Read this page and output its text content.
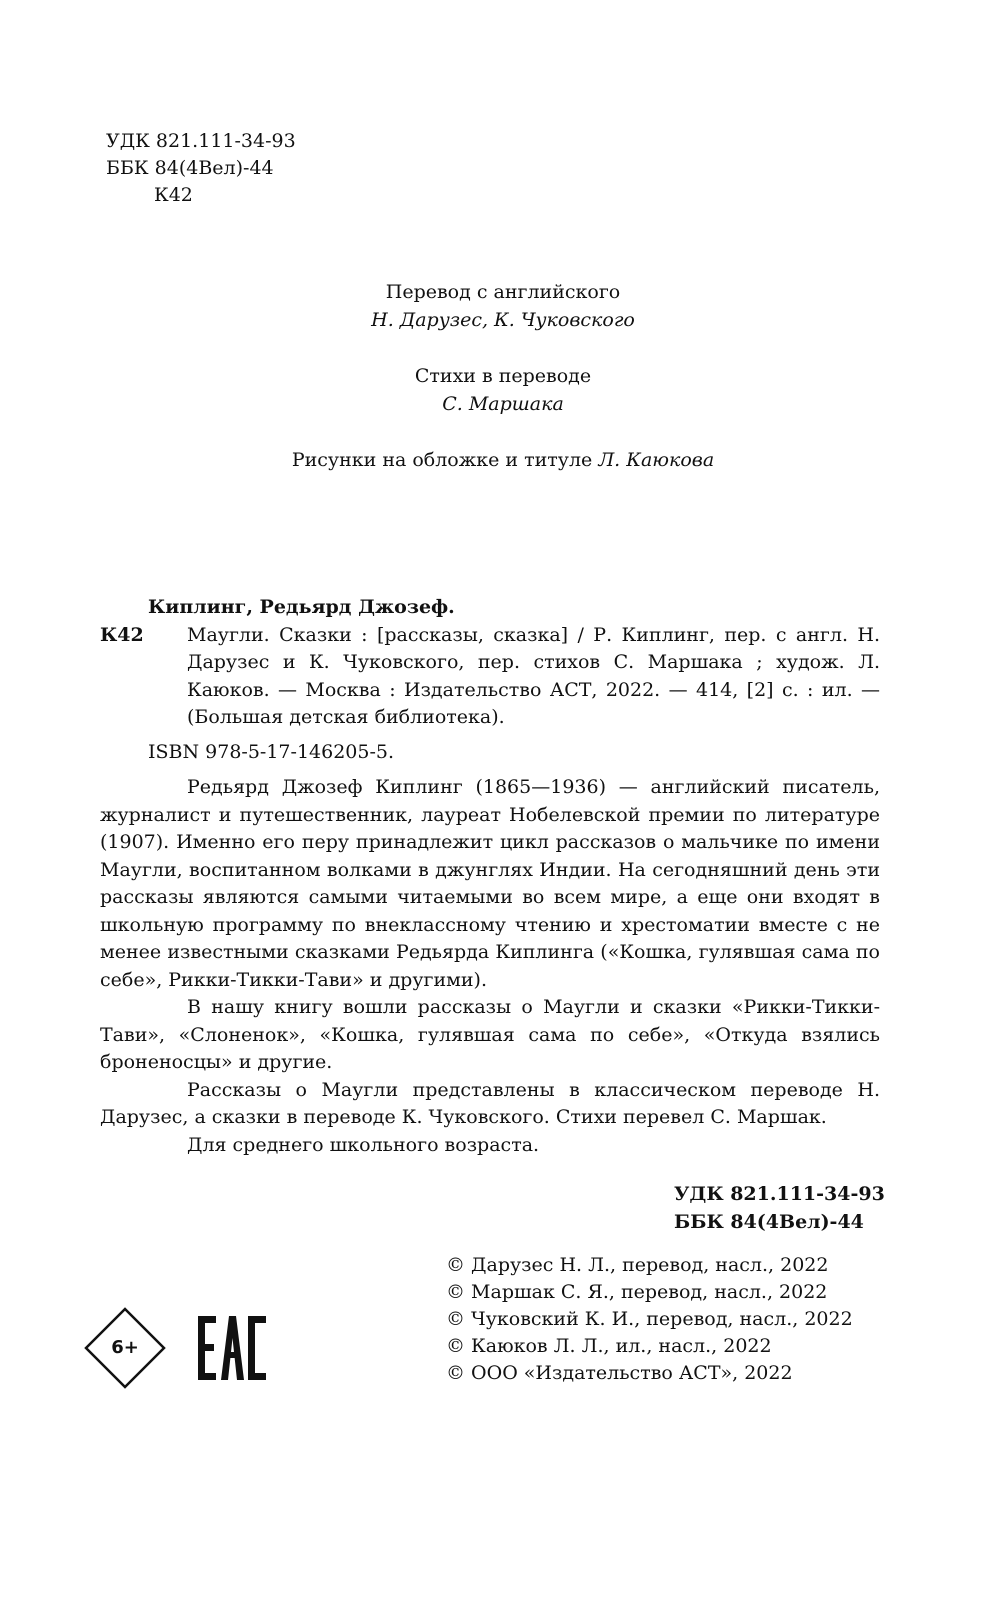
УДК 821.111-34-93
ББК 84(4Вел)-44
К42
Перевод с английского
Н. Дарузес, К. Чуковского
Стихи в переводе
С. Маршака
Рисунки на обложке и титуле Л. Каюкова
Киплинг, Редьярд Джозеф.
К42 Маугли. Сказки : [рассказы, сказка] / Р. Киплинг, пер. с англ. Н. Дарузес и К. Чуковского, пер. стихов С. Маршака ; худож. Л. Каюков. — Москва : Издательство АСТ, 2022. — 414, [2] с. : ил. — (Большая детская библиотека).
ISBN 978-5-17-146205-5.
Редьярд Джозеф Киплинг (1865—1936) — английский писатель, журналист и путешественник, лауреат Нобелевской премии по литературе (1907). Именно его перу принадлежит цикл рассказов о мальчике по имени Маугли, воспитанном волками в джунглях Индии. На сегодняшний день эти рассказы являются самыми читаемыми во всем мире, а еще они входят в школьную программу по внеклассному чтению и хрестоматии вместе с не менее известными сказками Редьярда Киплинга («Кошка, гулявшая сама по себе», Рикки-Тикки-Тави» и другими).
В нашу книгу вошли рассказы о Маугли и сказки «Рикки-Тикки-Тави», «Слоненок», «Кошка, гулявшая сама по себе», «Откуда взялись броненосцы» и другие.
Рассказы о Маугли представлены в классическом переводе Н. Дарузес, а сказки в переводе К. Чуковского. Стихи перевел С. Маршак.
Для среднего школьного возраста.
УДК 821.111-34-93
ББК 84(4Вел)-44
© Дарузес Н. Л., перевод, насл., 2022
© Маршак С. Я., перевод, насл., 2022
© Чуковский К. И., перевод, насл., 2022
© Каюков Л. Л., ил., насл., 2022
© ООО «Издательство АСТ», 2022
6+
